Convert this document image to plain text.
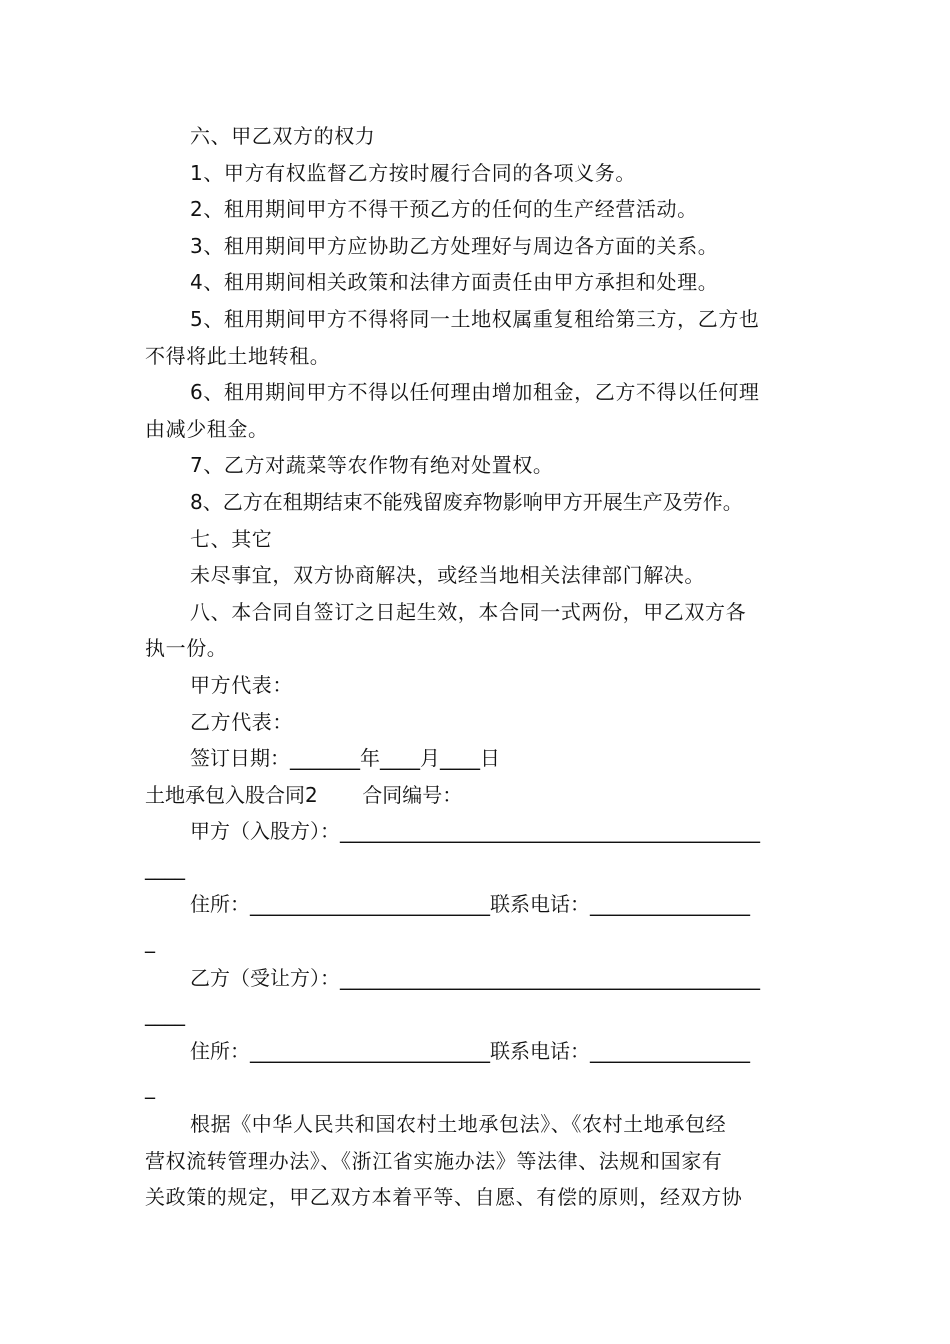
六、甲乙双方的权力
1、甲方有权监督乙方按时履行合同的各项义务。
2、租用期间甲方不得干预乙方的任何的生产经营活动。
3、租用期间甲方应协助乙方处理好与周边各方面的关系。
4、租用期间相关政策和法律方面责任由甲方承担和处理。
5、租用期间甲方不得将同一土地权属重复租给第三方，乙方也
不得将此土地转租。
6、租用期间甲方不得以任何理由增加租金，乙方不得以任何理
由减少租金。
7、乙方对蔬菜等农作物有绝对处置权。
8、乙方在租期结束不能残留废弃物影响甲方开展生产及劳作。
七、其它
未尽事宜，双方协商解决，或经当地相关法律部门解决。
八、本合同自签订之日起生效，本合同一式两份，甲乙双方各
执一份。
甲方代表：
乙方代表：
签订日期：_______年____月____日
土地承包入股合同2       合同编号：
甲方（入股方）：__________________________________________
____
住所：________________________联系电话：________________
_
乙方（受让方）：__________________________________________
____
住所：________________________联系电话：________________
_
根据《中华人民共和国农村土地承包法》、《农村土地承包经
营权流转管理办法》、《浙江省实施办法》等法律、法规和国家有
关政策的规定，甲乙双方本着平等、自愿、有偿的原则，经双方协
